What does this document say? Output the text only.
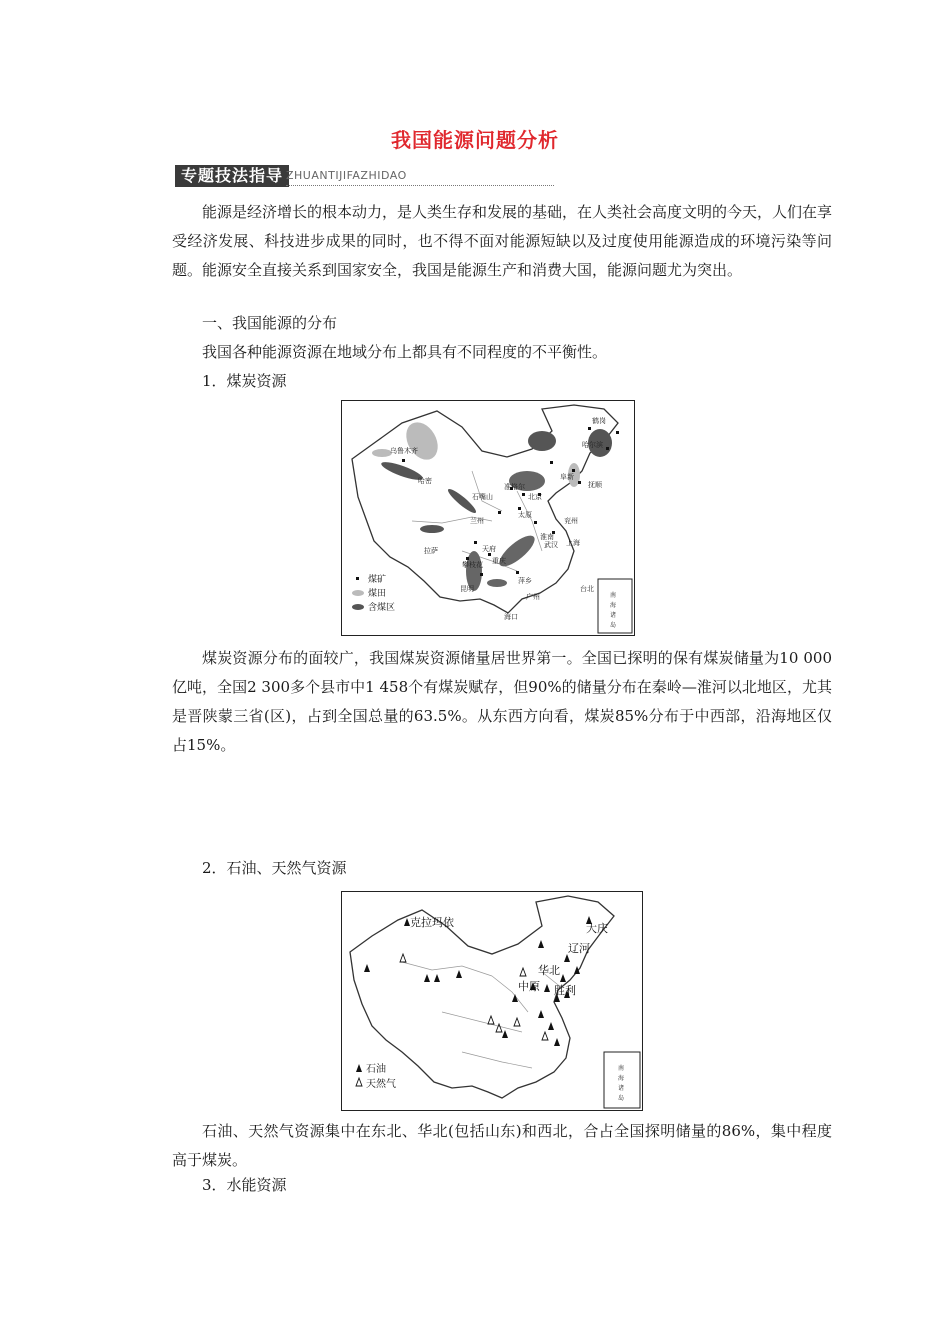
我国能源问题分析
专题技法指导 ZHUANTIJIFAZHIDAO

能源是经济增长的根本动力，是人类生存和发展的基础，在人类社会高度文明的今天，人们在享受经济发展、科技进步成果的同时，也不得不面对能源短缺以及过度使用能源造成的环境污染等问题。能源安全直接关系到国家安全，我国是能源生产和消费大国，能源问题尤为突出。

一、我国能源的分布

我国各种能源资源在地域分布上都具有不同程度的不平衡性。

1．煤炭资源

乌鲁木齐
哈密
鹤岗
哈尔滨
阜新
抚顺
准格尔
北京
石嘴山
兰州
太原
兖州
淮南
上海
武汉
拉萨	天府
重庆
攀枝花
萍乡
昆明	台北
广州
海口
煤矿
煤田
含煤区
南
海
诸
岛

煤炭资源分布的面较广，我国煤炭资源储量居世界第一。全国已探明的保有煤炭储量为10 000亿吨，全国2 300多个县市中1 458个有煤炭赋存，但90%的储量分布在秦岭—淮河以北地区，尤其是晋陕蒙三省(区)，占到全国总量的63.5%。从东西方向看，煤炭85%分布于中西部，沿海地区仅占15%。

2．石油、天然气资源

克拉玛依	大庆
辽河
华北
中原 胜利
石油
天然气
南
海
诸
岛

石油、天然气资源集中在东北、华北(包括山东)和西北，合占全国探明储量的86%，集中程度高于煤炭。

3．水能资源
